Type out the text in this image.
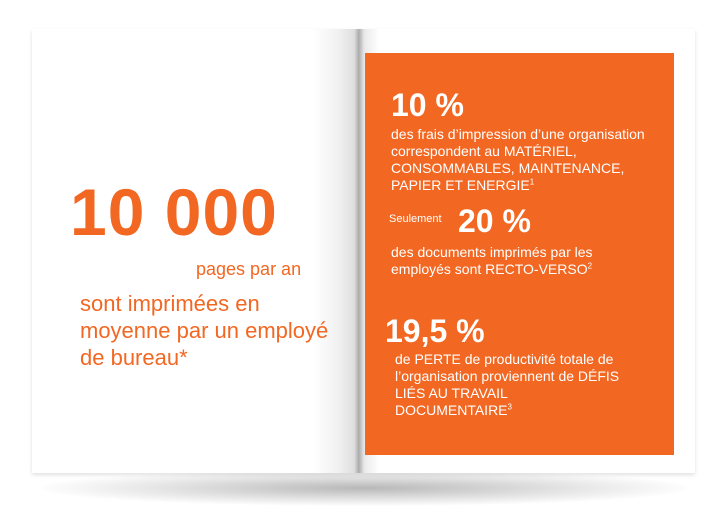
10 000
pages par an
sont imprimées en moyenne par un employé de bureau*
10 %
des frais d’impression d’une organisation correspondent au MATÉRIEL, CONSOMMABLES, MAINTENANCE, PAPIER ET ENERGIE$^1$
Seulement 20 %
des documents imprimés par les employés sont RECTO-VERSO$^2$
19,5 %
de PERTE de productivité totale de l’organisation proviennent de DÉFIS LIÉS AU TRAVAIL DOCUMENTAIRE$^3$
